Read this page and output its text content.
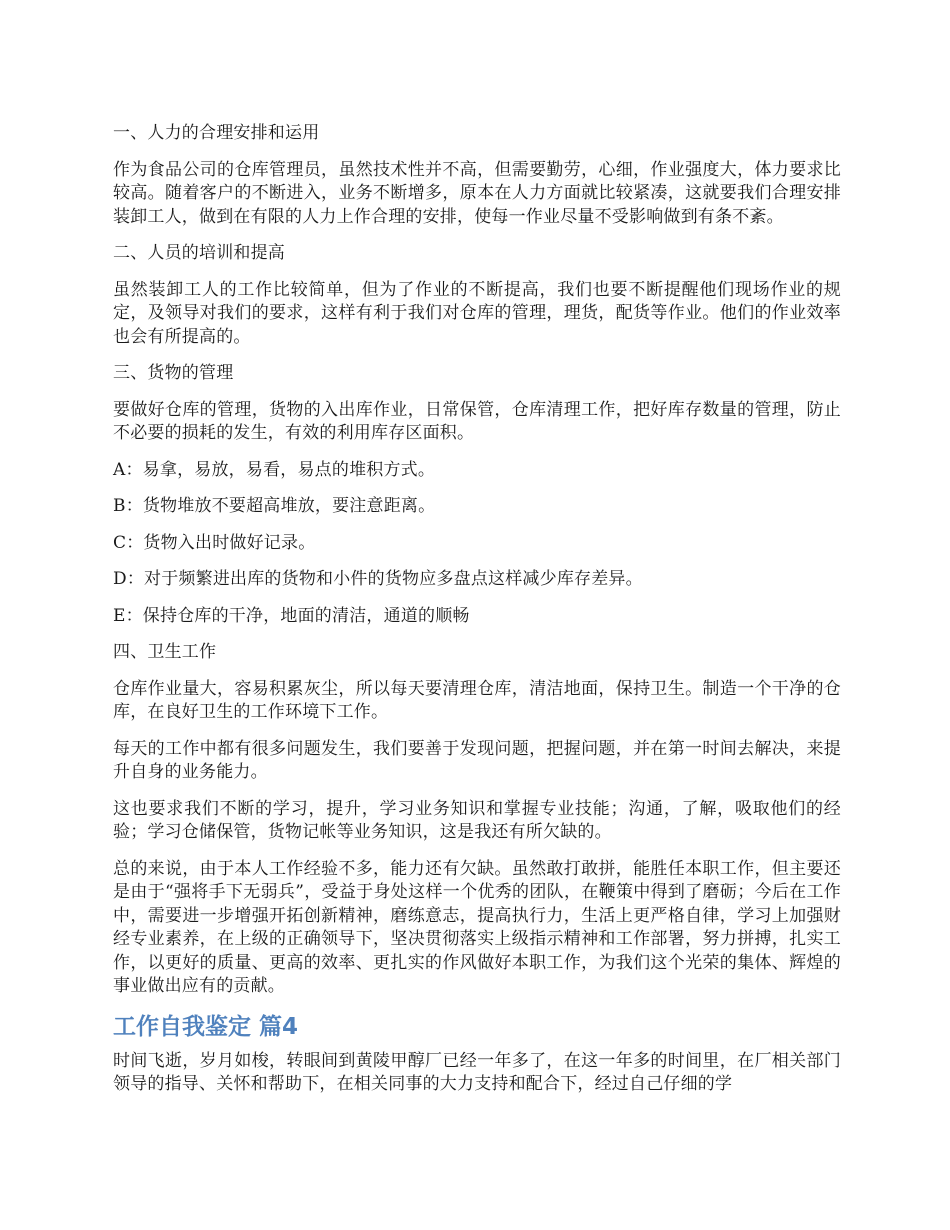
一、人力的合理安排和运用

作为食品公司的仓库管理员，虽然技术性并不高，但需要勤劳，心细，作业强度大，体力要求比较高。随着客户的不断进入，业务不断增多，原本在人力方面就比较紧凑，这就要我们合理安排装卸工人，做到在有限的人力上作合理的安排，使每一作业尽量不受影响做到有条不紊。

二、人员的培训和提高

虽然装卸工人的工作比较简单，但为了作业的不断提高，我们也要不断提醒他们现场作业的规定，及领导对我们的要求，这样有利于我们对仓库的管理，理货，配货等作业。他们的作业效率也会有所提高的。

三、货物的管理

要做好仓库的管理，货物的入出库作业，日常保管，仓库清理工作，把好库存数量的管理，防止不必要的损耗的发生，有效的利用库存区面积。

A：易拿，易放，易看，易点的堆积方式。

B：货物堆放不要超高堆放，要注意距离。

C：货物入出时做好记录。

D：对于频繁进出库的货物和小件的货物应多盘点这样减少库存差异。

E：保持仓库的干净，地面的清洁，通道的顺畅

四、卫生工作

仓库作业量大，容易积累灰尘，所以每天要清理仓库，清洁地面，保持卫生。制造一个干净的仓库，在良好卫生的工作环境下工作。

每天的工作中都有很多问题发生，我们要善于发现问题，把握问题，并在第一时间去解决，来提升自身的业务能力。

这也要求我们不断的学习，提升，学习业务知识和掌握专业技能；沟通，了解，吸取他们的经验；学习仓储保管，货物记帐等业务知识，这是我还有所欠缺的。

总的来说，由于本人工作经验不多，能力还有欠缺。虽然敢打敢拼，能胜任本职工作，但主要还是由于“强将手下无弱兵”，受益于身处这样一个优秀的团队，在鞭策中得到了磨砺；今后在工作中，需要进一步增强开拓创新精神，磨练意志，提高执行力，生活上更严格自律，学习上加强财经专业素养，在上级的正确领导下，坚决贯彻落实上级指示精神和工作部署，努力拼搏，扎实工作，以更好的质量、更高的效率、更扎实的作风做好本职工作，为我们这个光荣的集体、辉煌的事业做出应有的贡献。

工作自我鉴定 篇4

时间飞逝，岁月如梭，转眼间到黄陵甲醇厂已经一年多了，在这一年多的时间里，在厂相关部门领导的指导、关怀和帮助下，在相关同事的大力支持和配合下，经过自己仔细的学
